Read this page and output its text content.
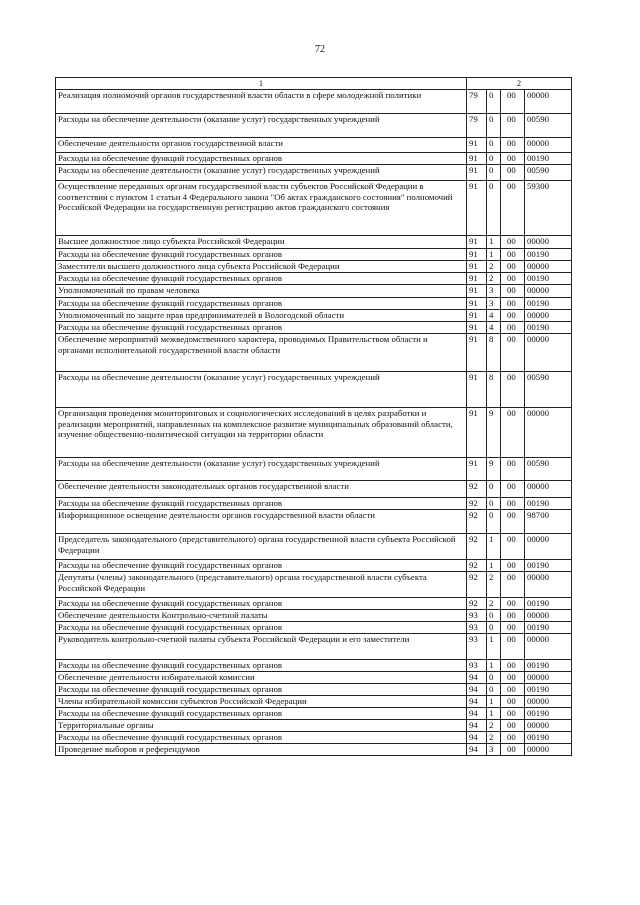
72
1	2			
Реализация полномочий органов государственной власти области в сфере молодежной политики	79	0	00	00000
Расходы на обеспечение деятельности (оказание услуг) государственных учреждений	79	0	00	00590
Обеспечение деятельности органов государственной власти	91	0	00	00000
Расходы на обеспечение функций государственных органов	91	0	00	00190
Расходы на обеспечение деятельности (оказание услуг) государственных учреждений	91	0	00	00590
Осуществление переданных органам государственной власти субъектов Российской Федерации в соответствии с пунктом 1 статьи 4 Федерального закона "Об актах гражданского состояния" полномочий Российской Федерации на государственную регистрацию актов гражданского состояния	91	0	00	59300
Высшее должностное лицо субъекта Российской Федерации	91	1	00	00000
Расходы на обеспечение функций государственных органов	91	1	00	00190
Заместители высшего должностного лица субъекта Российской Федерации	91	2	00	00000
Расходы на обеспечение функций государственных органов	91	2	00	00190
Уполномоченный по правам человека	91	3	00	00000
Расходы на обеспечение функций государственных органов	91	3	00	00190
Уполномоченный по защите прав предпринимателей в Вологодской области	91	4	00	00000
Расходы на обеспечение функций государственных органов	91	4	00	00190
Обеспечение мероприятий межведомственного характера, проводимых Правительством области и органами исполнительной государственной власти области	91	8	00	00000
Расходы на обеспечение деятельности (оказание услуг) государственных учреждений	91	8	00	00590
Организация проведения мониторинговых и социологических исследований в целях разработки и реализации мероприятий, направленных на комплексное развитие муниципальных образований области, изучение общественно-политической ситуации на территории области	91	9	00	00000
Расходы на обеспечение деятельности (оказание услуг) государственных учреждений	91	9	00	00590
Обеспечение деятельности законодательных органов государственной власти	92	0	00	00000
Расходы на обеспечение функций государственных органов	92	0	00	00190
Информационное освещение деятельности органов государственной власти области	92	0	00	98700
Председатель законодательного (представительного) органа государственной власти субъекта Российской Федерации	92	1	00	00000
Расходы на обеспечение функций государственных органов	92	1	00	00190
Депутаты (члены) законодательного (представительного) органа государственной власти субъекта Российской Федерации	92	2	00	00000
Расходы на обеспечение функций государственных органов	92	2	00	00190
Обеспечение деятельности Контрольно-счетной палаты	93	0	00	00000
Расходы на обеспечение функций государственных органов	93	0	00	00190
Руководитель контрольно-счетной палаты субъекта Российской Федерации и его заместители	93	1	00	00000
Расходы на обеспечение функций государственных органов	93	1	00	00190
Обеспечение деятельности избирательной комиссии	94	0	00	00000
Расходы на обеспечение функций государственных органов	94	0	00	00190
Члены избирательной комиссии субъектов Российской Федерации	94	1	00	00000
Расходы на обеспечение функций государственных органов	94	1	00	00190
Территориальные органы	94	2	00	00000
Расходы на обеспечение функций государственных органов	94	2	00	00190
Проведение выборов и референдумов	94	3	00	00000
